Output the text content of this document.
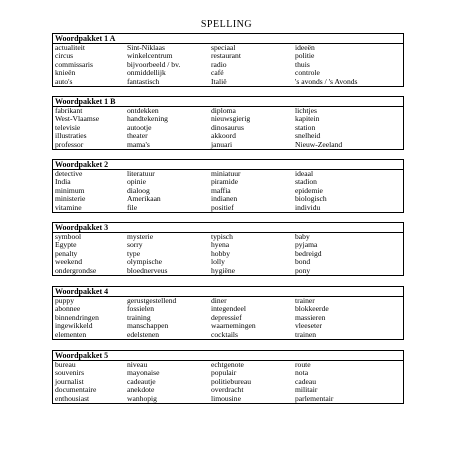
SPELLING
Woordpakket 1 A
actualiteit	Sint-Niklaas	speciaal	ideeën
circus	winkelcentrum	restaurant	politie
commissaris	bijvoorbeeld / bv.	radio	thuis
knieën	onmiddellijk	café	controle
auto's	fantastisch	Italië	's avonds / 's Avonds
Woordpakket 1 B
fabrikant	ontdekken	diploma	lichtjes
West-Vlaamse	handtekening	nieuwsgierig	kapitein
televisie	autootje	dinosaurus	station
illustraties	theater	akkoord	snelheid
professor	mama's	januari	Nieuw-Zeeland
Woordpakket 2
detective	literatuur	miniatuur	ideaal
India	opinie	piramide	stadion
minimum	dialoog	maffia	epidemie
ministerie	Amerikaan	indianen	biologisch
vitamine	file	positief	individu
Woordpakket 3
symbool	mysterie	typisch	baby
Egypte	sorry	hyena	pyjama
penalty	type	hobby	bedreigd
weekend	olympische	lolly	bond
ondergrondse	bloednerveus	hygiëne	pony
Woordpakket 4
puppy	gerustgestellend	diner	trainer
abonnee	fossielen	integendeel	blokkeerde
binnendringen	training	depressief	massieren
ingewikkeld	manschappen	waarnemingen	vleeseter
elementen	edelstenen	cocktails	trainen
Woordpakket 5
bureau	niveau	echtgenote	route
souvenirs	mayonaise	populair	nota
journalist	cadeautje	politiebureau	cadeau
documentaire	anekdote	overdracht	militair
enthousiast	wanhopig	limousine	parlementair
